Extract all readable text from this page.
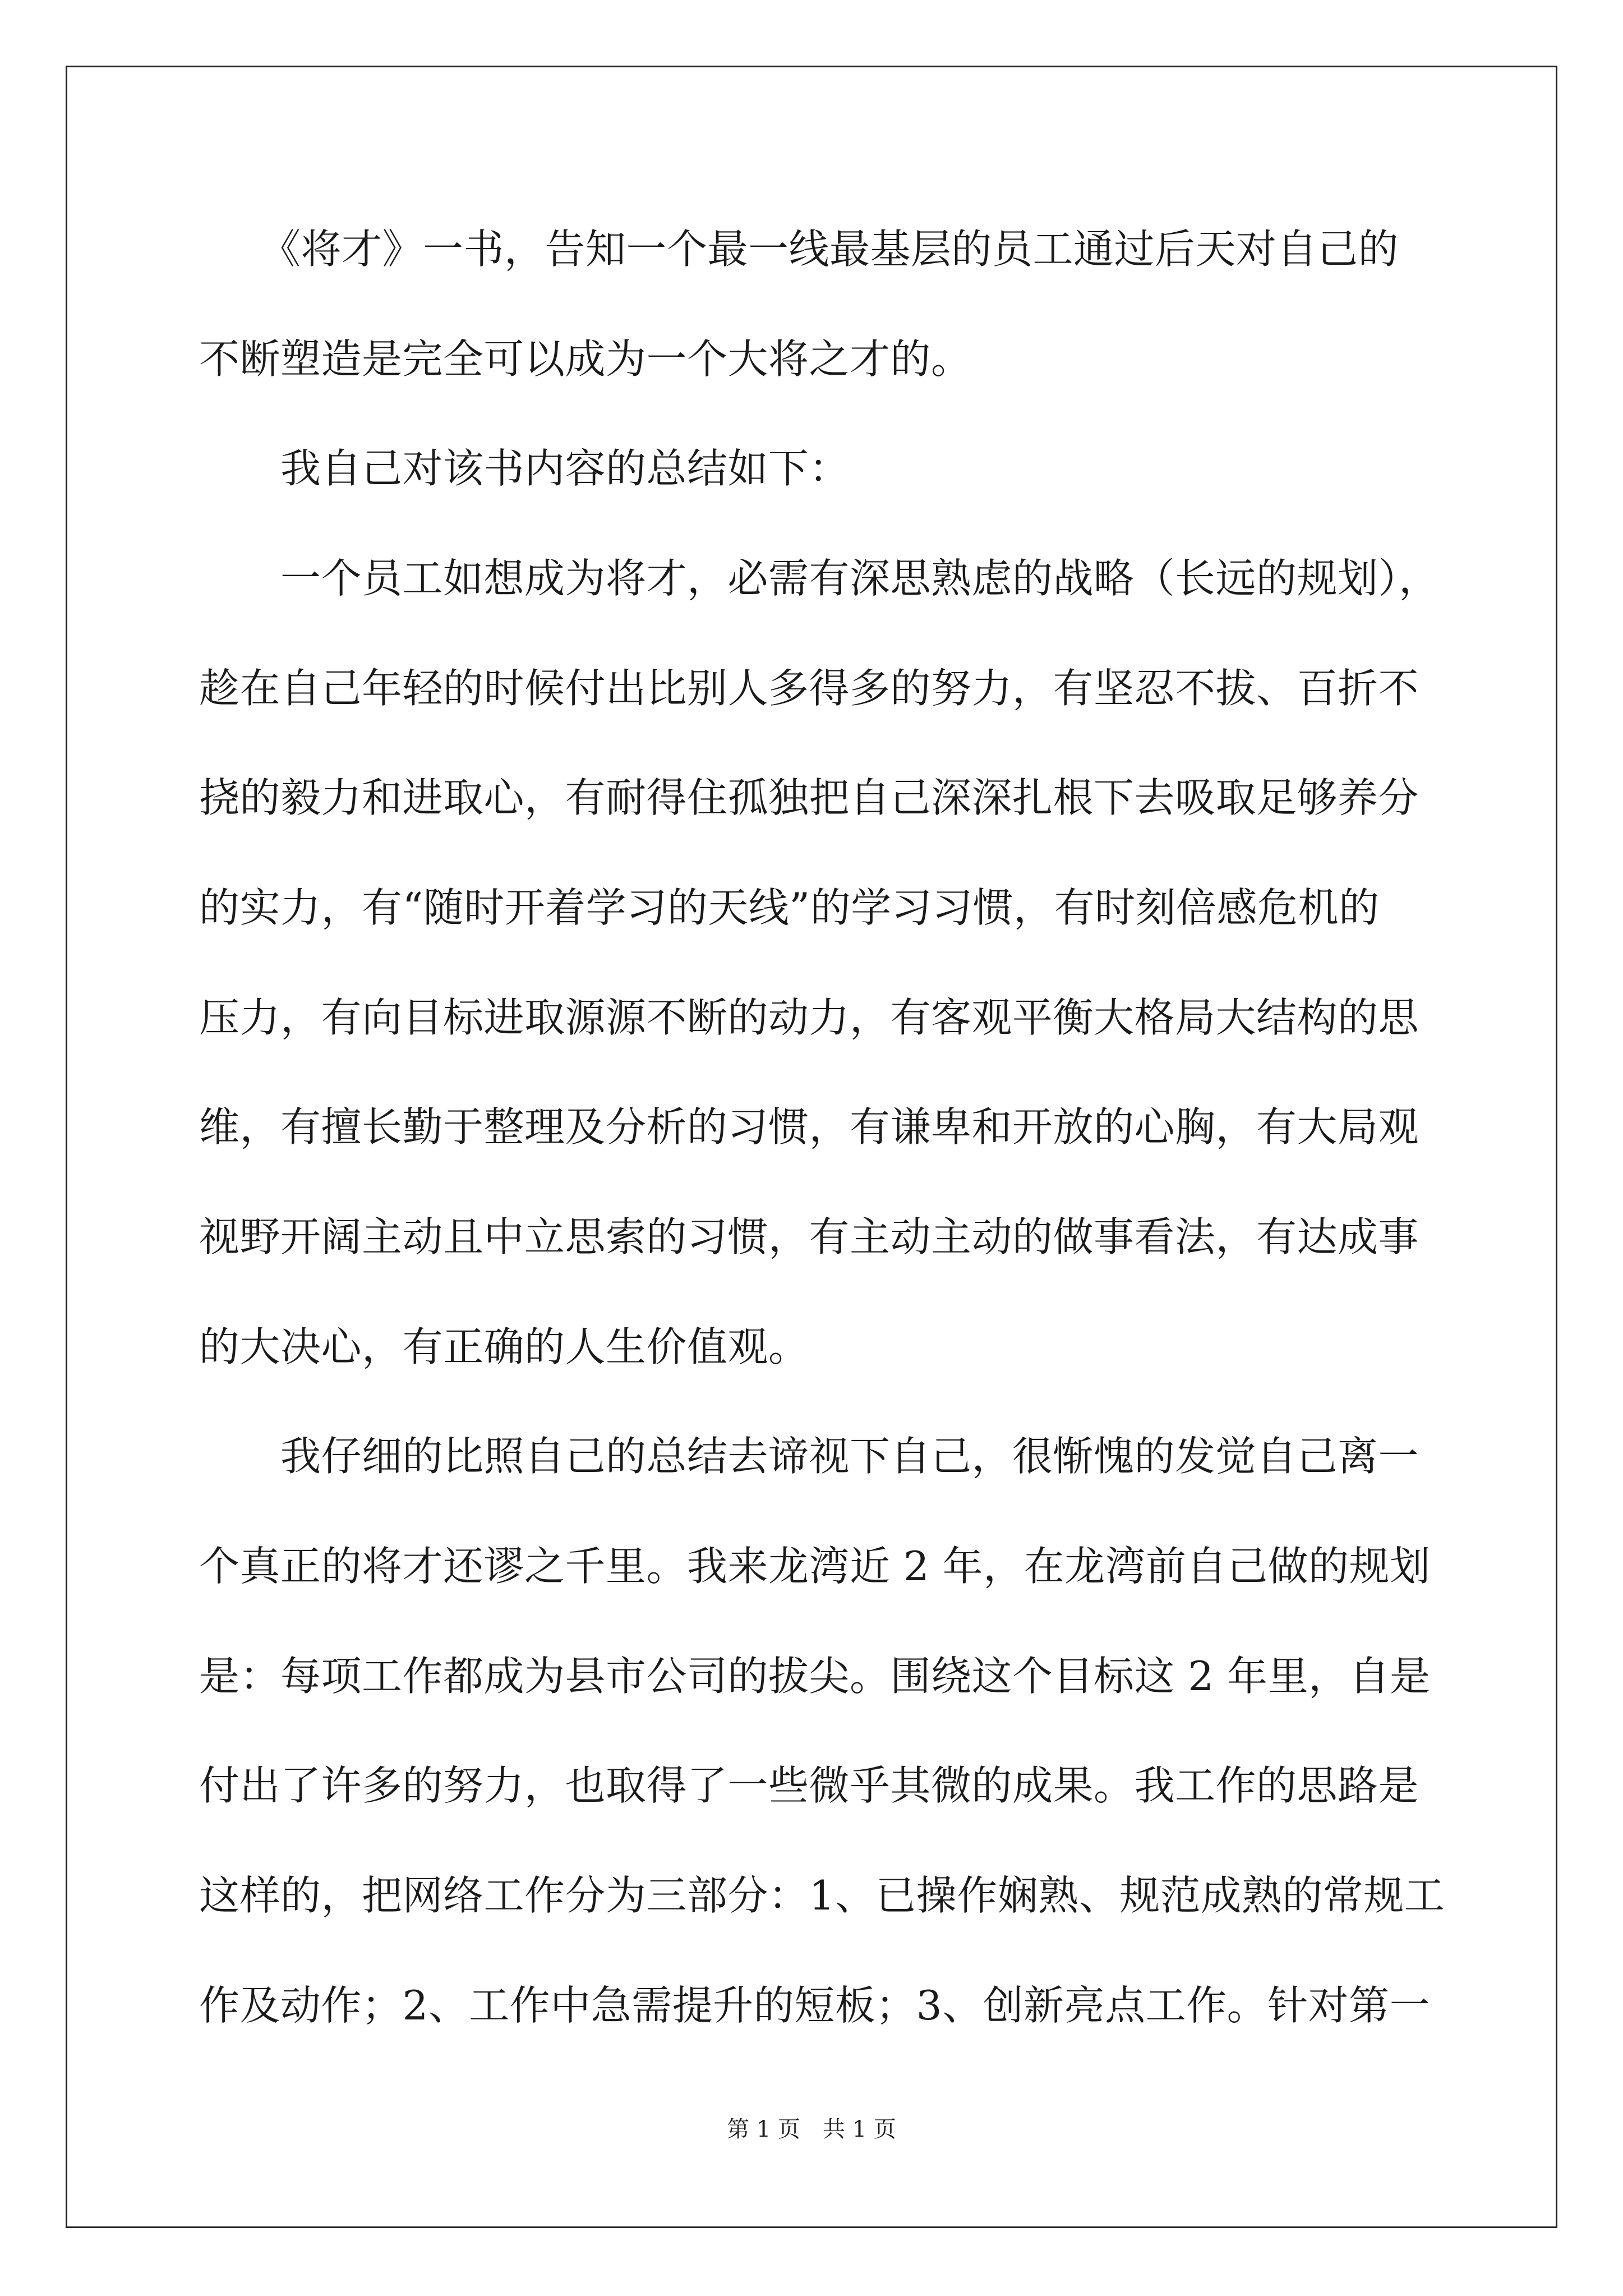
　　《将才》一书，告知一个最一线最基层的员工通过后天对自己的
不断塑造是完全可以成为一个大将之才的。
　　我自己对该书内容的总结如下：
　　一个员工如想成为将才，必需有深思熟虑的战略（长远的规划），
趁在自己年轻的时候付出比别人多得多的努力，有坚忍不拔、百折不
挠的毅力和进取心，有耐得住孤独把自己深深扎根下去吸取足够养分
的实力，有“随时开着学习的天线”的学习习惯，有时刻倍感危机的
压力，有向目标进取源源不断的动力，有客观平衡大格局大结构的思
维，有擅长勤于整理及分析的习惯，有谦卑和开放的心胸，有大局观
视野开阔主动且中立思索的习惯，有主动主动的做事看法，有达成事
的大决心，有正确的人生价值观。
　　我仔细的比照自己的总结去谛视下自己，很惭愧的发觉自己离一
个真正的将才还谬之千里。我来龙湾近 2 年，在龙湾前自己做的规划
是：每项工作都成为县市公司的拔尖。围绕这个目标这 2 年里，自是
付出了许多的努力，也取得了一些微乎其微的成果。我工作的思路是
这样的，把网络工作分为三部分：1、已操作娴熟、规范成熟的常规工
作及动作；2、工作中急需提升的短板；3、创新亮点工作。针对第一
第 1 页　共 1 页
